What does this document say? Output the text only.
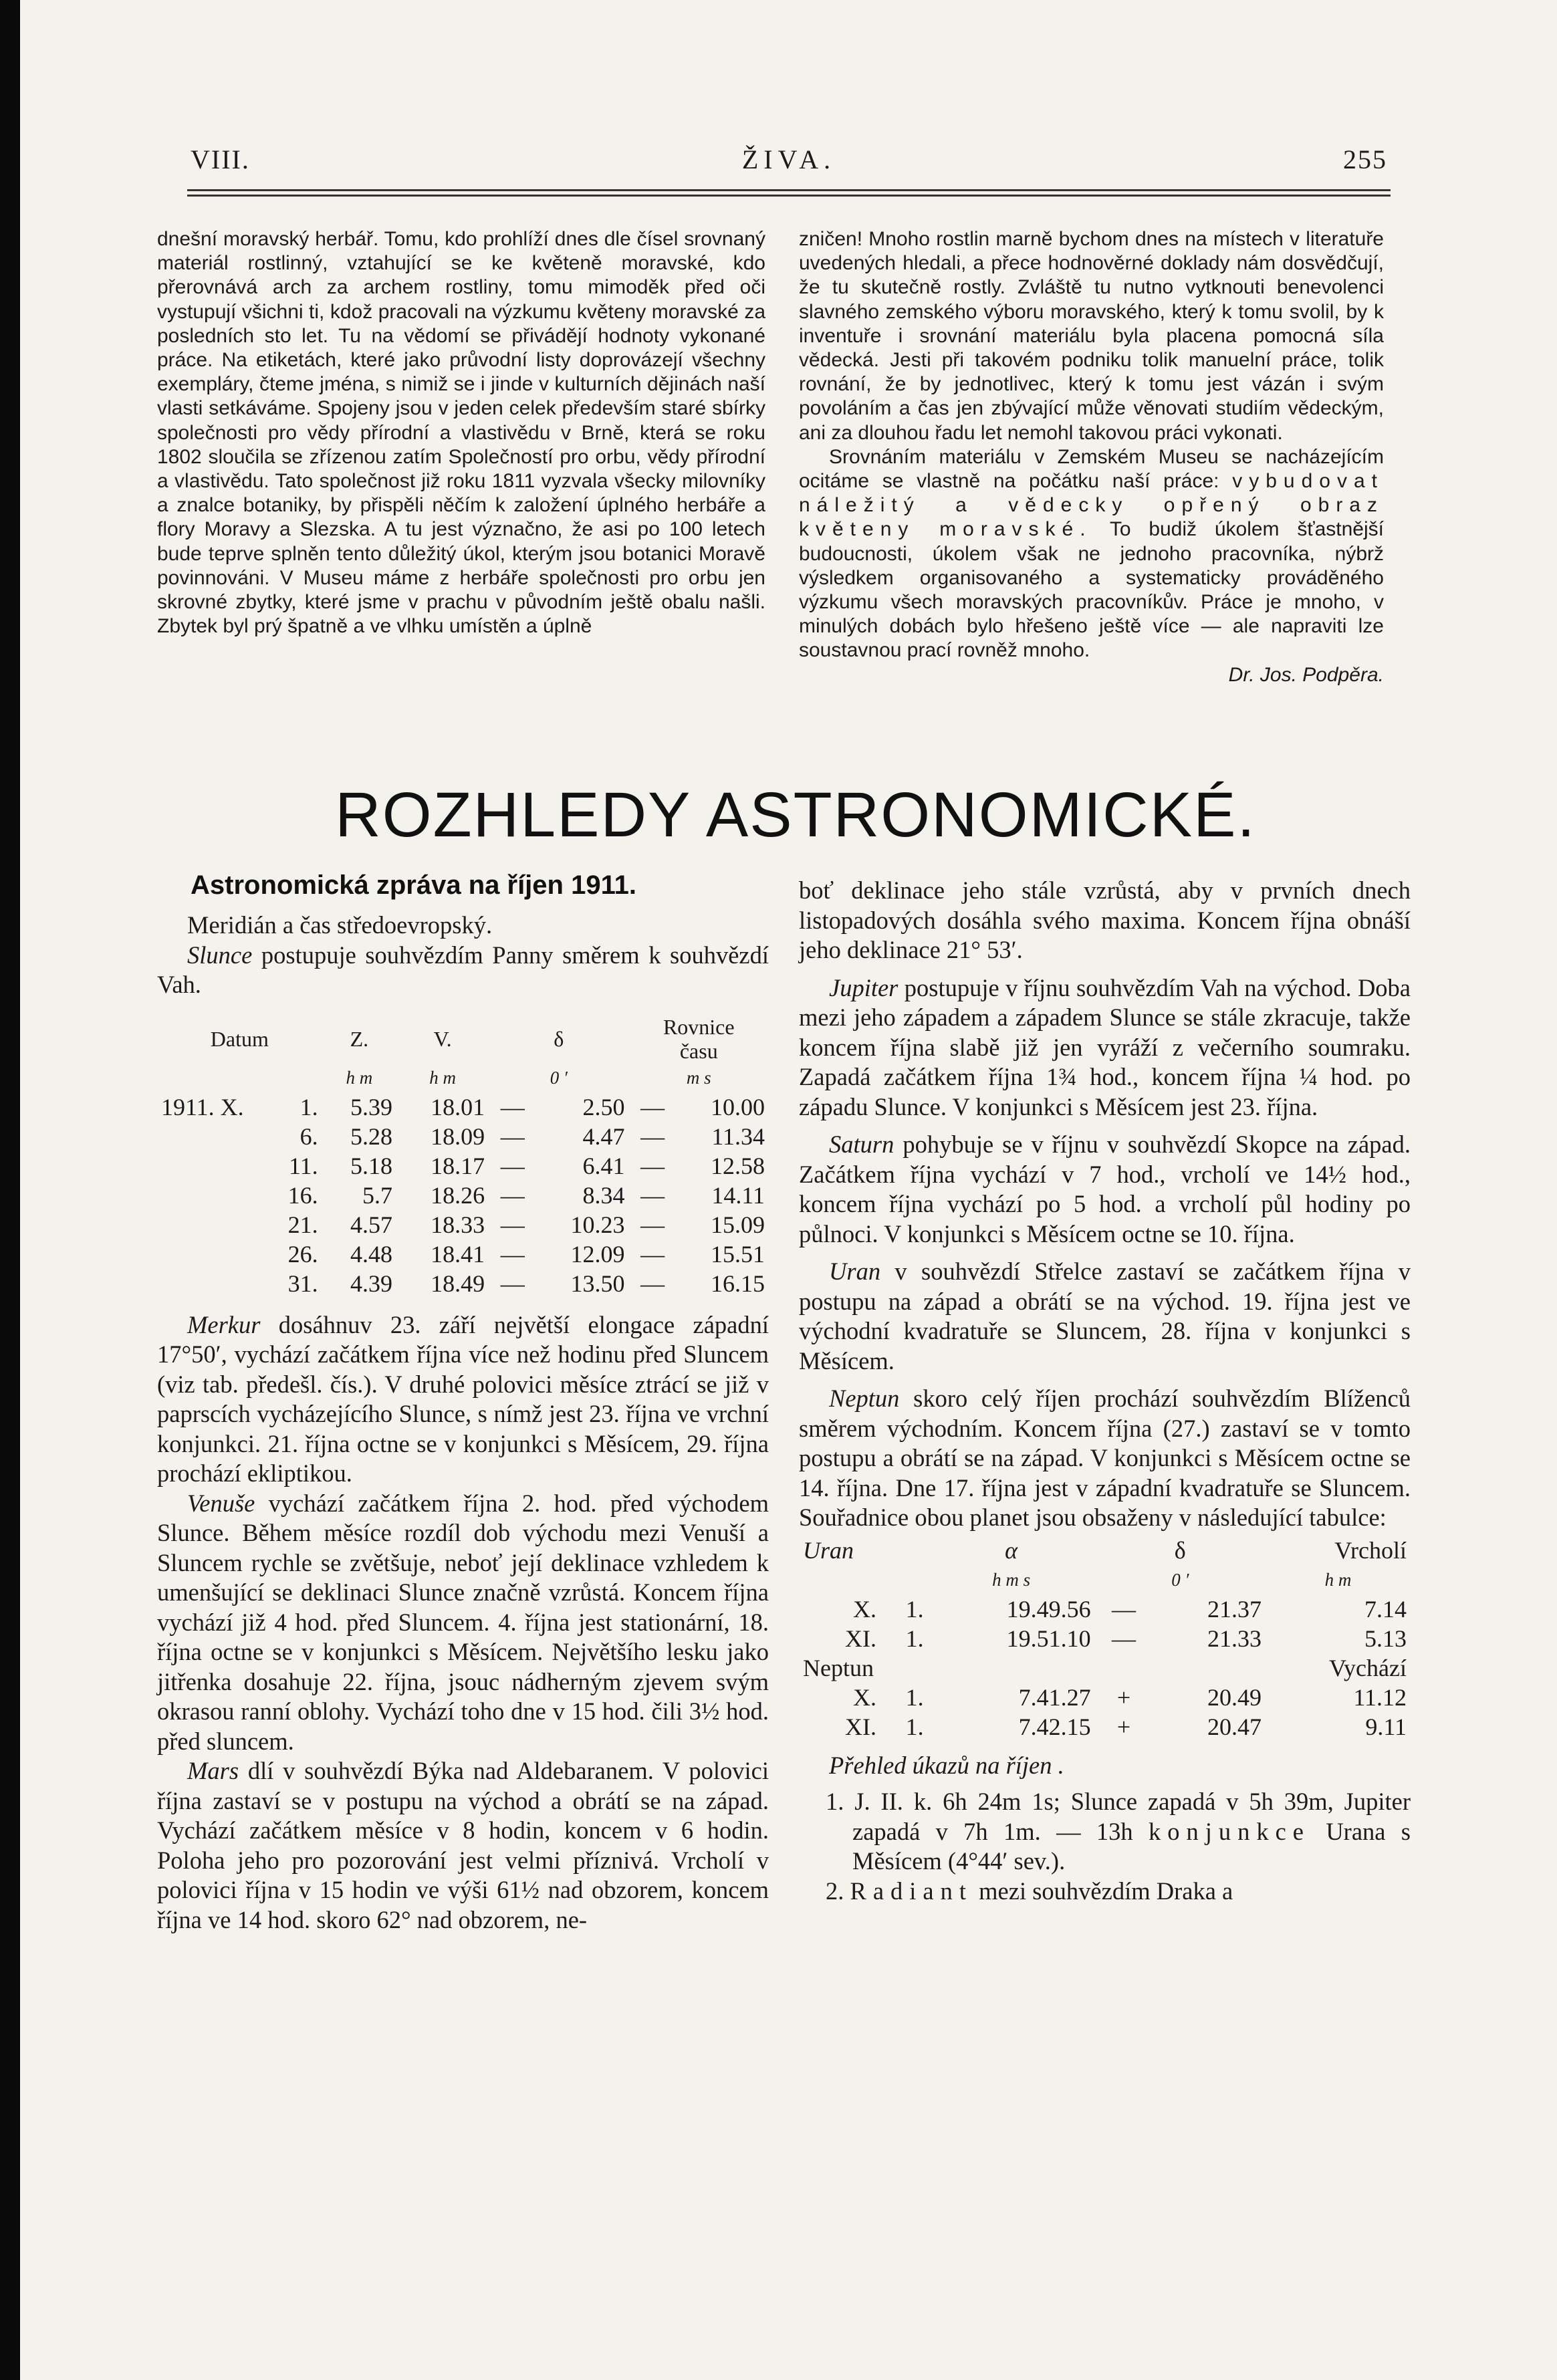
VIII.	ŽIVA.	255

dnešní moravský herbář. Tomu, kdo prohlíží dnes dle čísel srovnaný materiál rostlinný, vztahující se ke květeně moravské, kdo přerovnává arch za archem rostliny, tomu mimoděk před oči vystupují všichni ti, kdož pracovali na výzkumu květeny moravské za posledních sto let. Tu na vědomí se přivádějí hodnoty vykonané práce. Na etiketách, které jako průvodní listy doprovázejí všechny exempláry, čteme jména, s nimiž se i jinde v kulturních dějinách naší vlasti setkáváme. Spojeny jsou v jeden celek především staré sbírky společnosti pro vědy přírodní a vlastivědu v Brně, která se roku 1802 sloučila se zřízenou zatím Společností pro orbu, vědy přírodní a vlastivědu. Tato společnost již roku 1811 vyzvala všecky milovníky a znalce botaniky, by přispěli něčím k založení úplného herbáře a flory Moravy a Slezska. A tu jest význačno, že asi po 100 letech bude teprve splněn tento důležitý úkol, kterým jsou botanici Moravě povinnováni. V Museu máme z herbáře společnosti pro orbu jen skrovné zbytky, které jsme v prachu v původním ještě obalu našli. Zbytek byl prý špatně a ve vlhku umístěn a úplně

zničen! Mnoho rostlin marně bychom dnes na místech v literatuře uvedených hledali, a přece hodnověrné doklady nám dosvědčují, že tu skutečně rostly. Zvláště tu nutno vytknouti benevolenci slavného zemského výboru moravského, který k tomu svolil, by k inventuře i srovnání materiálu byla placena pomocná síla vědecká. Jesti při takovém podniku tolik manuelní práce, tolik rovnání, že by jednotlivec, který k tomu jest vázán i svým povoláním a čas jen zbývající může věnovati studiím vědeckým, ani za dlouhou řadu let nemohl takovou práci vykonati.

Srovnáním materiálu v Zemském Museu se nacházejícím ocitáme se vlastně na počátku naší práce: vybudovat náležitý a vědecky opřený obraz květeny moravské. To budiž úkolem šťastnější budoucnosti, úkolem však ne jednoho pracovníka, nýbrž výsledkem organisovaného a systematicky prováděného výzkumu všech moravských pracovníkův. Práce je mnoho, v minulých dobách bylo hřešeno ještě více — ale napraviti lze soustavnou prací rovněž mnoho.

Dr. Jos. Podpěra.

ROZHLEDY ASTRONOMICKÉ.
Astronomická zpráva na říjen 1911.

Meridián a čas středoevropský.

Slunce postupuje souhvězdím Panny směrem k souhvězdí Vah.

Datum		Z.	V.	δ		Rovnice
času	
		h m	h m	0 ′		m s	
1911. X.	1.	5.39	18.01	—	2.50	—	10.00
	6.	5.28	18.09	—	4.47	—	11.34
	11.	5.18	18.17	—	6.41	—	12.58
	16.	5.7	18.26	—	8.34	—	14.11
	21.	4.57	18.33	—	10.23	—	15.09
	26.	4.48	18.41	—	12.09	—	15.51
	31.	4.39	18.49	—	13.50	—	16.15

Merkur dosáhnuv 23. září největší elongace západní 17°50′, vychází začátkem října více než hodinu před Sluncem (viz tab. předešl. čís.). V druhé polovici měsíce ztrácí se již v paprscích vycházejícího Slunce, s nímž jest 23. října ve vrchní konjunkci. 21. října octne se v konjunkci s Měsícem, 29. října prochází ekliptikou.

Venuše vychází začátkem října 2. hod. před východem Slunce. Během měsíce rozdíl dob východu mezi Venuší a Sluncem rychle se zvětšuje, neboť její deklinace vzhledem k umenšující se deklinaci Slunce značně vzrůstá. Koncem října vychází již 4 hod. před Sluncem. 4. října jest stationární, 18. října octne se v konjunkci s Měsícem. Největšího lesku jako jitřenka dosahuje 22. října, jsouc nádherným zjevem svým okrasou ranní oblohy. Vychází toho dne v 15 hod. čili 3½ hod. před sluncem.

Mars dlí v souhvězdí Býka nad Aldebaranem. V polovici října zastaví se v postupu na východ a obrátí se na západ. Vychází začátkem měsíce v 8 hodin, koncem v 6 hodin. Poloha jeho pro pozorování jest velmi příznivá. Vrcholí v polovici října v 15 hodin ve výši 61½ nad obzorem, koncem října ve 14 hod. skoro 62° nad obzorem, ne-

boť deklinace jeho stále vzrůstá, aby v prvních dnech listopadových dosáhla svého maxima. Koncem října obnáší jeho deklinace 21° 53′.

Jupiter postupuje v říjnu souhvězdím Vah na východ. Doba mezi jeho západem a západem Slunce se stále zkracuje, takže koncem října slabě již jen vyráží z večerního soumraku. Zapadá začátkem října 1¾ hod., koncem října ¼ hod. po západu Slunce. V konjunkci s Měsícem jest 23. října.

Saturn pohybuje se v říjnu v souhvězdí Skopce na západ. Začátkem října vychází v 7 hod., vrcholí ve 14½ hod., koncem října vychází po 5 hod. a vrcholí půl hodiny po půlnoci. V konjunkci s Měsícem octne se 10. října.

Uran v souhvězdí Střelce zastaví se začátkem října v postupu na západ a obrátí se na východ. 19. října jest ve východní kvadratuře se Sluncem, 28. října v konjunkci s Měsícem.

Neptun skoro celý říjen prochází souhvězdím Blíženců směrem východním. Koncem října (27.) zastaví se v tomto postupu a obrátí se na západ. V konjunkci s Měsícem octne se 14. října. Dne 17. října jest v západní kvadratuře se Sluncem. Souřadnice obou planet jsou obsaženy v následující tabulce:

Uran		α	δ		Vrcholí
		h m s	0 ′		h m
X.	1.	19.49.56	—	21.37	7.14
XI.	1.	19.51.10	—	21.33	5.13
Neptun				Vychází	
X.	1.	7.41.27	+	20.49	11.12
XI.	1.	7.42.15	+	20.47	9.11

Přehled úkazů na říjen .

1. J. II. k. 6h 24m 1s; Slunce zapadá v 5h 39m, Jupiter zapadá v 7h 1m. — 13h konjunkce Urana s Měsícem (4°44′ sev.).

2. Radiant mezi souhvězdím Draka a
